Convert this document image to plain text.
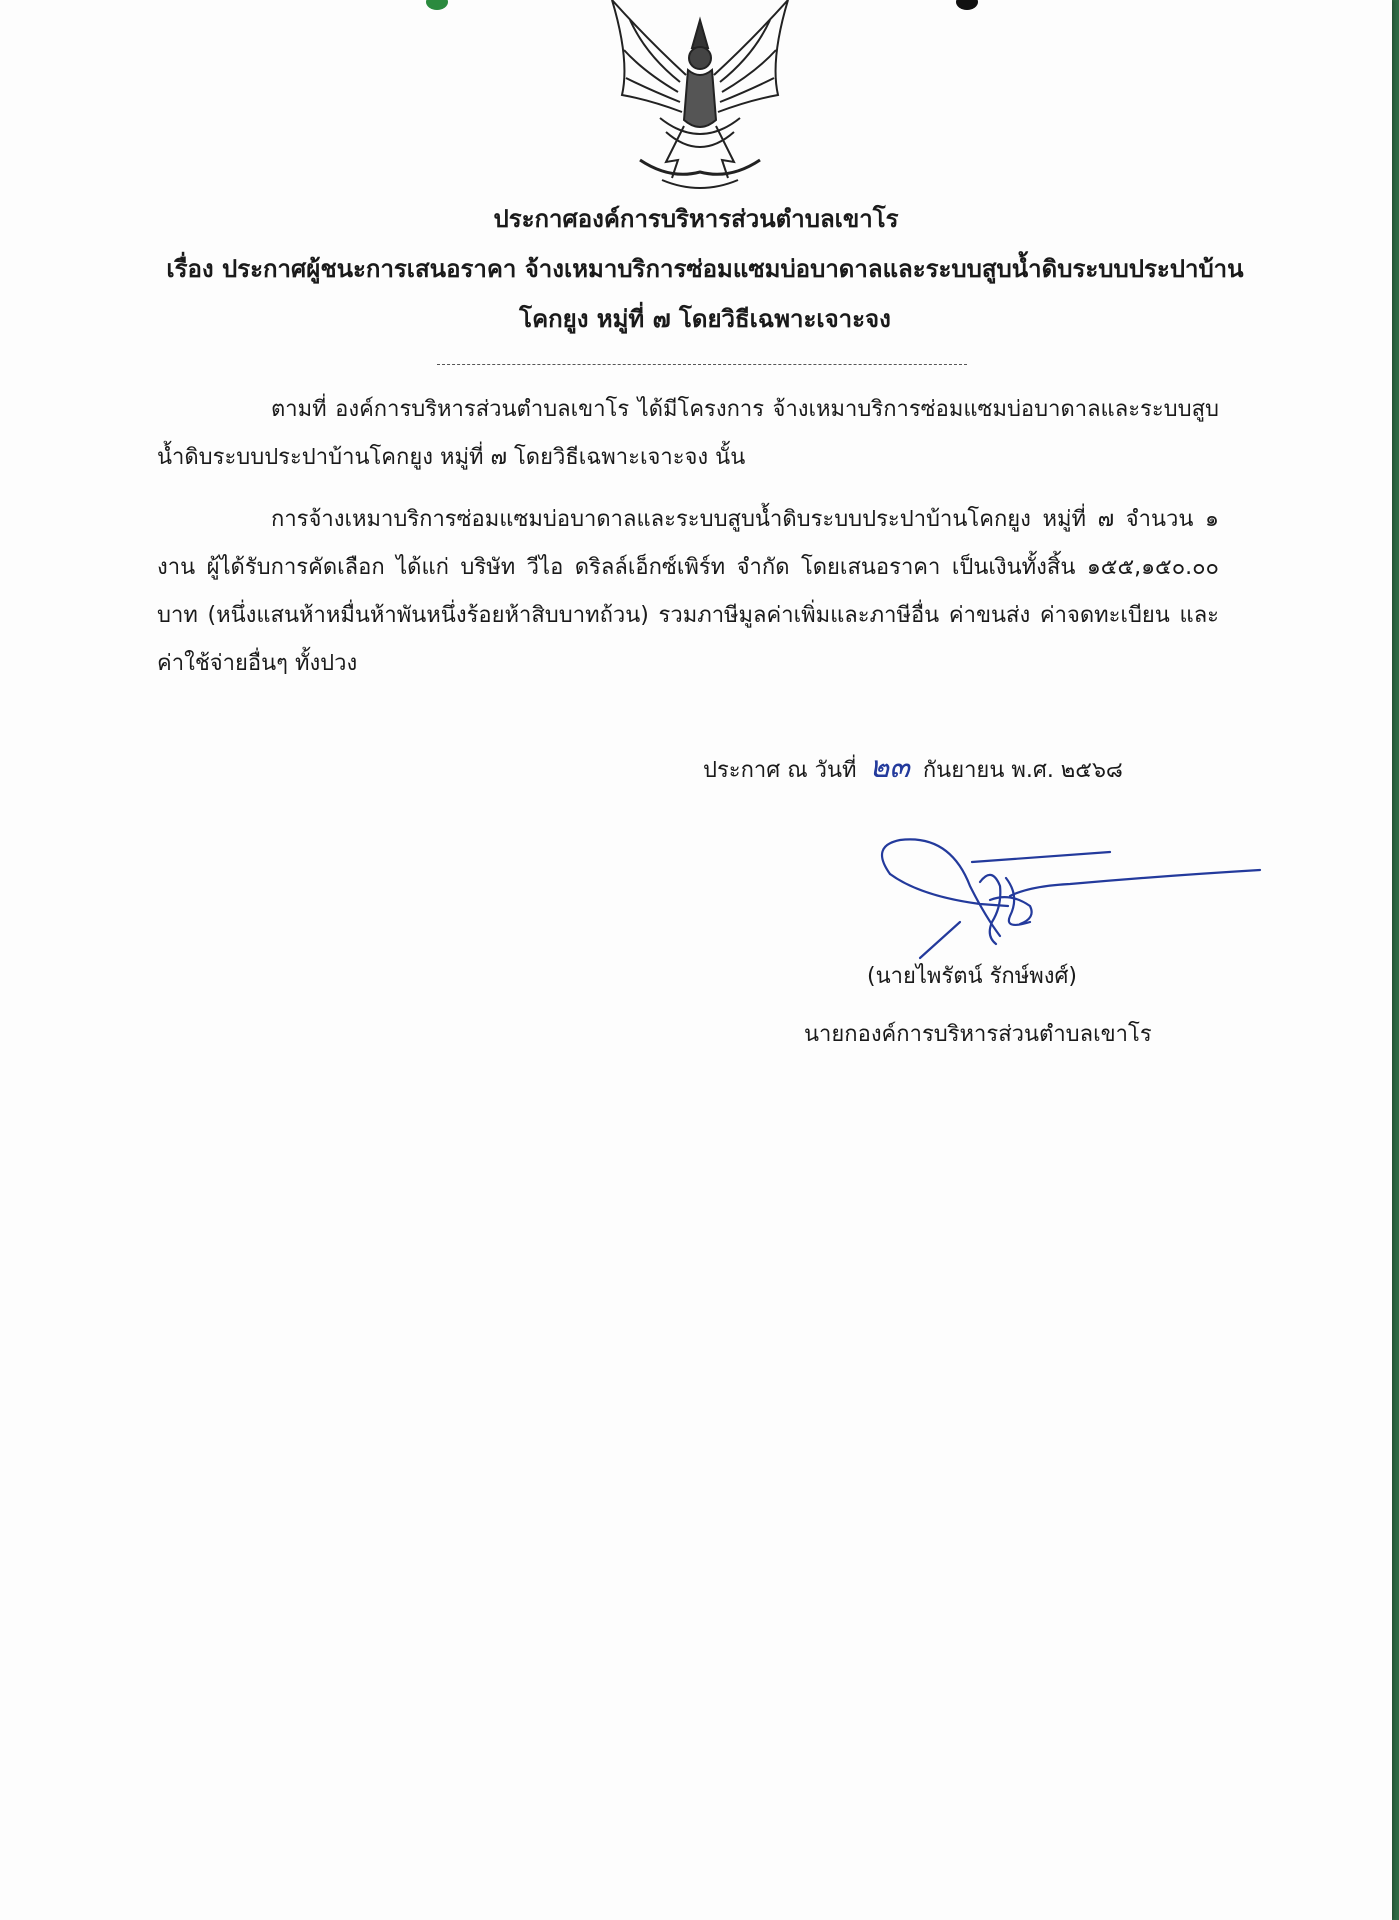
ประกาศองค์การบริหารส่วนตำบลเขาโร
เรื่อง ประกาศผู้ชนะการเสนอราคา จ้างเหมาบริการซ่อมแซมบ่อบาดาลและระบบสูบน้ำดิบระบบประปาบ้านโคกยูง หมู่ที่ ๗ โดยวิธีเฉพาะเจาะจง

ตามที่ องค์การบริหารส่วนตำบลเขาโร ได้มีโครงการ จ้างเหมาบริการซ่อมแซมบ่อบาดาลและระบบสูบน้ำดิบระบบประปาบ้านโคกยูง หมู่ที่ ๗ โดยวิธีเฉพาะเจาะจง นั้น

การจ้างเหมาบริการซ่อมแซมบ่อบาดาลและระบบสูบน้ำดิบระบบประปาบ้านโคกยูง หมู่ที่ ๗ จำนวน ๑ งาน ผู้ได้รับการคัดเลือก ได้แก่ บริษัท วีไอ ดริลล์เอ็กซ์เพิร์ท จำกัด โดยเสนอราคา เป็นเงินทั้งสิ้น ๑๕๕,๑๕๐.๐๐ บาท (หนึ่งแสนห้าหมื่นห้าพันหนึ่งร้อยห้าสิบบาทถ้วน) รวมภาษีมูลค่าเพิ่มและภาษีอื่น ค่าขนส่ง ค่าจดทะเบียน และค่าใช้จ่ายอื่นๆ ทั้งปวง

ประกาศ ณ วันที่ ๒๓ กันยายน พ.ศ. ๒๕๖๘
(นายไพรัตน์ รักษ์พงศ์)
นายกองค์การบริหารส่วนตำบลเขาโร
